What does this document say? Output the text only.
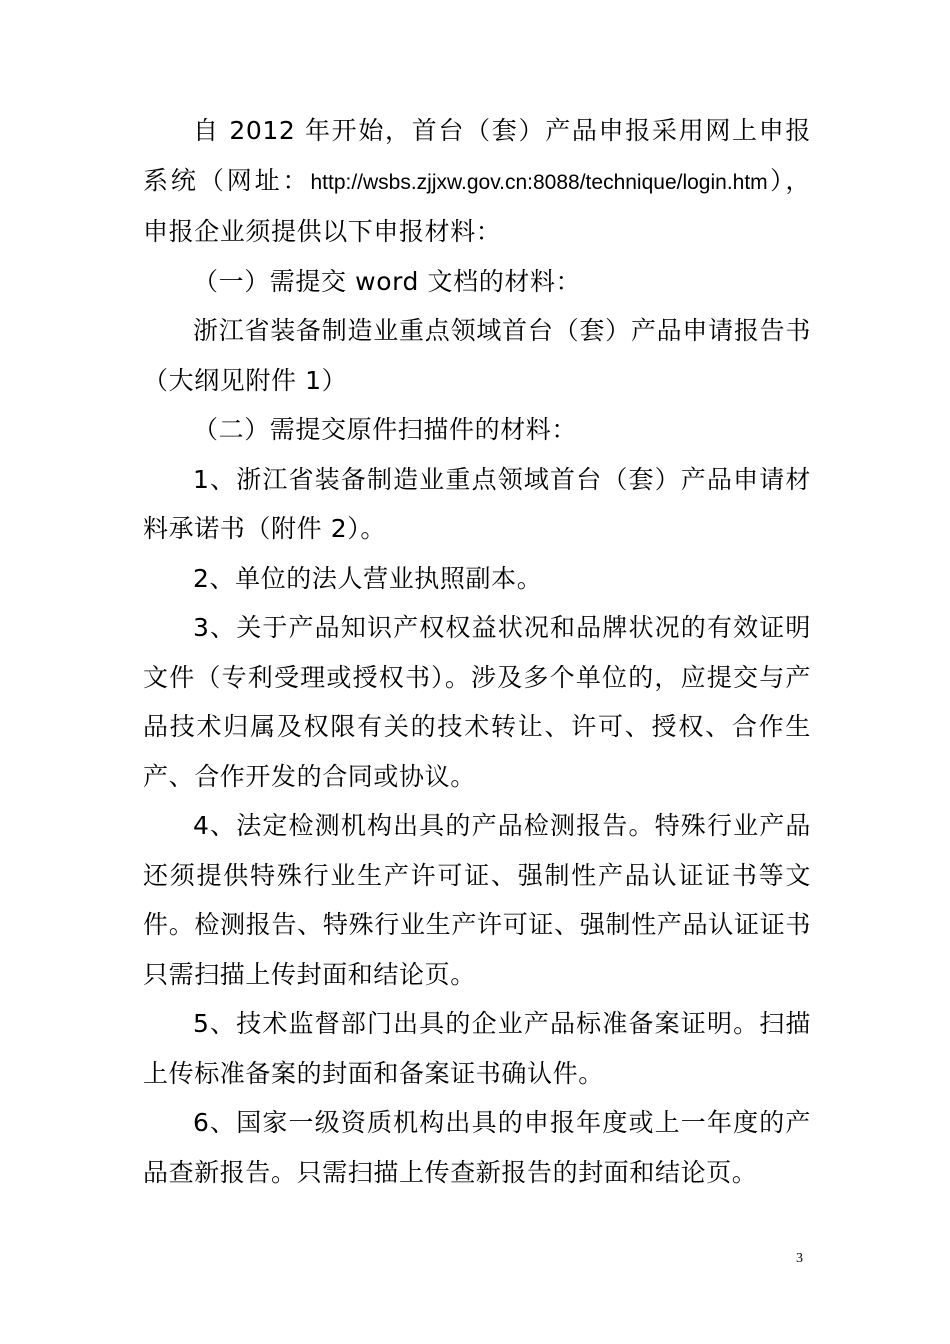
自 2012 年开始，首台（套）产品申报采用网上申报系统（网址：http://wsbs.zjjxw.gov.cn:8088/technique/login.htm），申报企业须提供以下申报材料：

（一）需提交 word 文档的材料：

浙江省装备制造业重点领域首台（套）产品申请报告书（大纲见附件 1）

（二）需提交原件扫描件的材料：

1、浙江省装备制造业重点领域首台（套）产品申请材料承诺书（附件 2）。

2、单位的法人营业执照副本。

3、关于产品知识产权权益状况和品牌状况的有效证明文件（专利受理或授权书）。涉及多个单位的，应提交与产品技术归属及权限有关的技术转让、许可、授权、合作生产、合作开发的合同或协议。

4、法定检测机构出具的产品检测报告。特殊行业产品还须提供特殊行业生产许可证、强制性产品认证证书等文件。检测报告、特殊行业生产许可证、强制性产品认证证书只需扫描上传封面和结论页。

5、技术监督部门出具的企业产品标准备案证明。扫描上传标准备案的封面和备案证书确认件。

6、国家一级资质机构出具的申报年度或上一年度的产品查新报告。只需扫描上传查新报告的封面和结论页。

3
